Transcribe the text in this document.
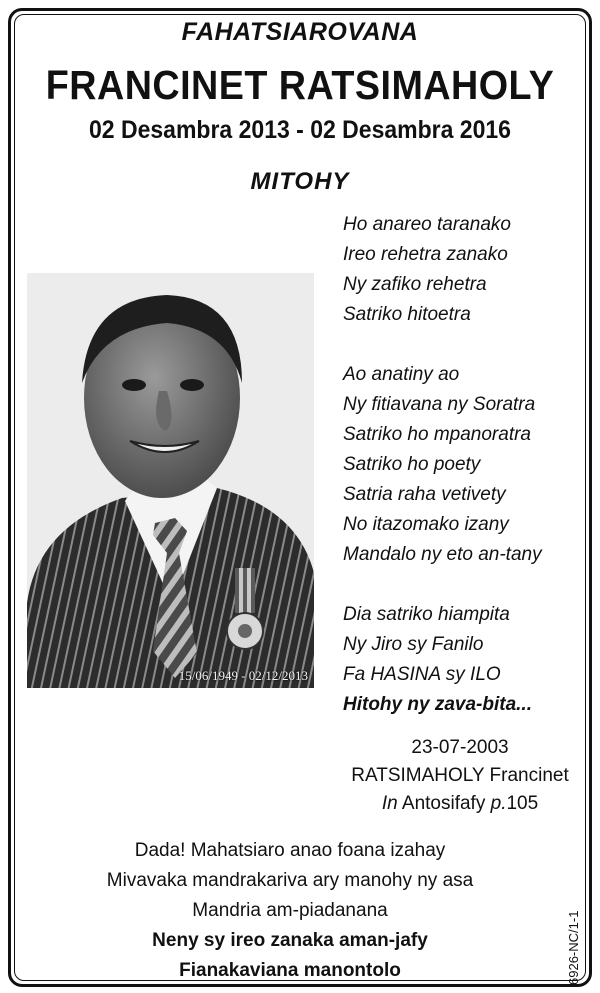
FAHATSIAROVANA
FRANCINET RATSIMAHOLY
02 Desambra 2013 - 02 Desambra 2016
MITOHY
15/06/1949 - 02/12/2013
Ho anareo taranako
Ireo rehetra zanako
Ny zafiko rehetra
Satriko hitoetra
Ao anatiny ao
Ny fitiavana ny Soratra
Satriko ho mpanoratra
Satriko ho poety
Satria raha vetivety
No itazomako izany
Mandalo ny eto an-tany
Dia satriko hiampita
Ny Jiro sy Fanilo
Fa HASINA sy ILO
Hitohy ny zava-bita...
23-07-2003
RATSIMAHOLY Francinet
In Antosifafy p.105
Dada! Mahatsiaro anao foana izahay
Mivavaka mandrakariva ary manohy ny asa
Mandria am-piadanana
Neny sy ireo zanaka aman-jafy
Fianakaviana manontolo	6926-NC/1-1
